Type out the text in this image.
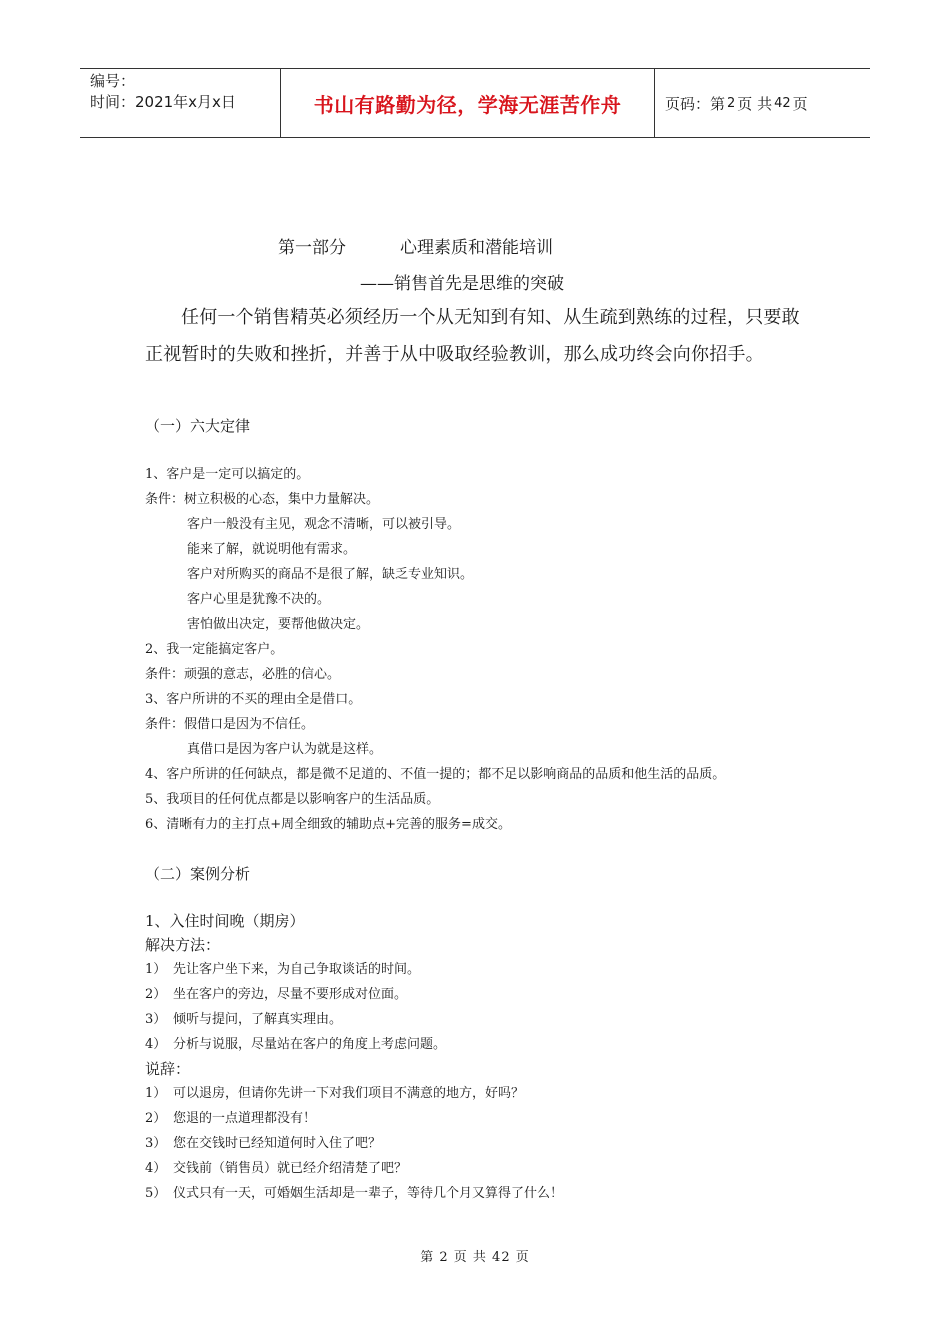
编号：
时间：2021年x月x日	书山有路勤为径，学海无涯苦作舟	页码：第 2 页 共 42 页
第一部分          心理素质和潜能培训
——销售首先是思维的突破
任何一个销售精英必须经历一个从无知到有知、从生疏到熟练的过程，只要敢正视暂时的失败和挫折，并善于从中吸取经验教训，那么成功终会向你招手。
（一）六大定律
1、客户是一定可以搞定的。
条件：树立积极的心态，集中力量解决。
客户一般没有主见，观念不清晰，可以被引导。
能来了解，就说明他有需求。
客户对所购买的商品不是很了解，缺乏专业知识。
客户心里是犹豫不决的。
害怕做出决定，要帮他做决定。
2、我一定能搞定客户。
条件：顽强的意志，必胜的信心。
3、客户所讲的不买的理由全是借口。
条件：假借口是因为不信任。
真借口是因为客户认为就是这样。
4、客户所讲的任何缺点，都是微不足道的、不值一提的；都不足以影响商品的品质和他生活的品质。
5、我项目的任何优点都是以影响客户的生活品质。
6、清晰有力的主打点+周全细致的辅助点+完善的服务=成交。
（二）案例分析
1、入住时间晚（期房）
解决方法：
1） 先让客户坐下来，为自己争取谈话的时间。
2） 坐在客户的旁边，尽量不要形成对位面。
3） 倾听与提问，了解真实理由。
4） 分析与说服，尽量站在客户的角度上考虑问题。
说辞：
1） 可以退房，但请你先讲一下对我们项目不满意的地方，好吗？
2） 您退的一点道理都没有！
3） 您在交钱时已经知道何时入住了吧？
4） 交钱前（销售员）就已经介绍清楚了吧？
5） 仪式只有一天，可婚姻生活却是一辈子，等待几个月又算得了什么！
第 2 页 共 42 页
